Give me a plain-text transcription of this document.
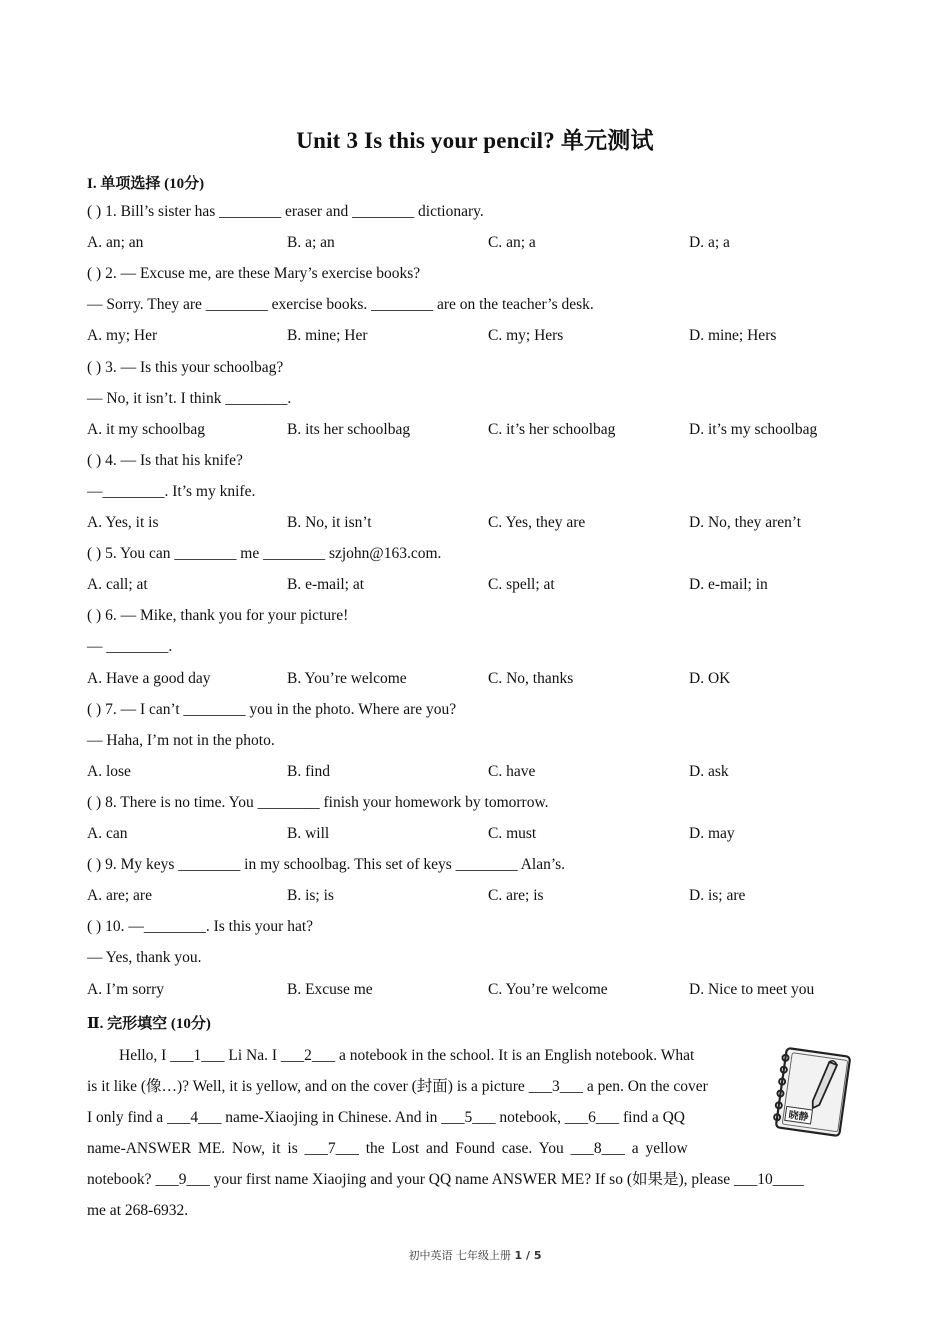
Unit 3 Is this your pencil? 单元测试
I. 单项选择 (10分)
( ) 1. Bill’s sister has ________ eraser and ________ dictionary.
A. an; an	B. a; an	C. an; a	D. a; a
( ) 2. — Excuse me, are these Mary’s exercise books?
— Sorry. They are ________ exercise books. ________ are on the teacher’s desk.
A. my; Her	B. mine; Her	C. my; Hers	D. mine; Hers
( ) 3. — Is this your schoolbag?
— No, it isn’t. I think ________.
A. it my schoolbag	B. its her schoolbag	C. it’s her schoolbag	D. it’s my schoolbag
( ) 4. — Is that his knife?
—________. It’s my knife.
A. Yes, it is	B. No, it isn’t	C. Yes, they are	D. No, they aren’t
( ) 5. You can ________ me ________ szjohn@163.com.
A. call; at	B. e-mail; at	C. spell; at	D. e-mail; in
( ) 6. — Mike, thank you for your picture!
— ________.
A. Have a good day	B. You’re welcome	C. No, thanks	D. OK
( ) 7. — I can’t ________ you in the photo. Where are you?
— Haha, I’m not in the photo.
A. lose	B. find	C. have	D. ask
( ) 8. There is no time. You ________ finish your homework by tomorrow.
A. can	B. will	C. must	D. may
( ) 9. My keys ________ in my schoolbag. This set of keys ________ Alan’s.
A. are; are	B. is; is	C. are; is	D. is; are
( ) 10. —________. Is this your hat?
— Yes, thank you.
A. I’m sorry	B. Excuse me	C. You’re welcome	D. Nice to meet you
Ⅱ. 完形填空 (10分)
Hello, I ___1___ Li Na. I ___2___ a notebook in the school. It is an English notebook. What
is it like (像…)? Well, it is yellow, and on the cover (封面) is a picture ___3___ a pen. On the cover
I only find a ___4___ name-Xiaojing in Chinese. And in ___5___ notebook, ___6___ find a QQ
name-ANSWER ME. Now, it is ___7___ the Lost and Found case. You ___8___ a yellow
notebook? ___9___ your first name Xiaojing and your QQ name ANSWER ME? If so (如果是), please ___10____
me at 268-6932.
晓静
初中英语 七年级上册 1 / 5
